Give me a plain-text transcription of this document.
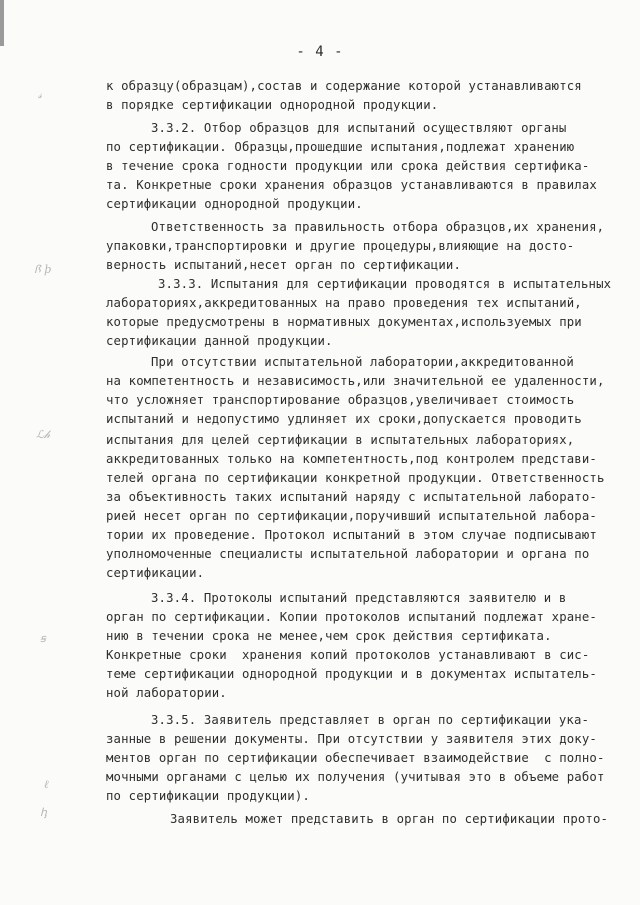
- 4 -
𝓈
ꟗ ϸ
ℒ𝒽
ꞩ
ℓ
ꞕ
к образцу(образцам),состав и содержание которой устанавливаются
в порядке сертификации однородной продукции.
3.3.2. Отбор образцов для испытаний осуществляют органы
по сертификации. Образцы,прошедшие испытания,подлежат хранению
в течение срока годности продукции или срока действия сертифика-
та. Конкретные сроки хранения образцов устанавливаются в правилах
сертификации однородной продукции.
Ответственность за правильность отбора образцов,их хранения,
упаковки,транспортировки и другие процедуры,влияющие на досто-
верность испытаний,несет орган по сертификации.
3.3.3. Испытания для сертификации проводятся в испытательных
лабораториях,аккредитованных на право проведения тех испытаний,
которые предусмотрены в нормативных документах,используемых при
сертификации данной продукции.
При отсутствии испытательной лаборатории,аккредитованной
на компетентность и независимость,или значительной ее удаленности,
что усложняет транспортирование образцов,увеличивает стоимость
испытаний и недопустимо удлиняет их сроки,допускается проводить
испытания для целей сертификации в испытательных лабораториях,
аккредитованных только на компетентность,под контролем представи-
телей органа по сертификации конкретной продукции. Ответственность
за объективность таких испытаний наряду с испытательной лаборато-
рией несет орган по сертификации,поручивший испытательной лабора-
тории их проведение. Протокол испытаний в этом случае подписывают
уполномоченные специалисты испытательной лаборатории и органа по
сертификации.
3.3.4. Протоколы испытаний представляются заявителю и в
орган по сертификации. Копии протоколов испытаний подлежат хране-
нию в течении срока не менее,чем срок действия сертификата.
Конкретные сроки  хранения копий протоколов устанавливают в сис-
теме сертификации однородной продукции и в документах испытатель-
ной лаборатории.
3.3.5. Заявитель представляет в орган по сертификации ука-
занные в решении документы. При отсутствии у заявителя этих доку-
ментов орган по сертификации обеспечивает взаимодействие  с полно-
мочными органами с целью их получения (учитывая это в объеме работ
по сертификации продукции).
Заявитель может представить в орган по сертификации прото-
